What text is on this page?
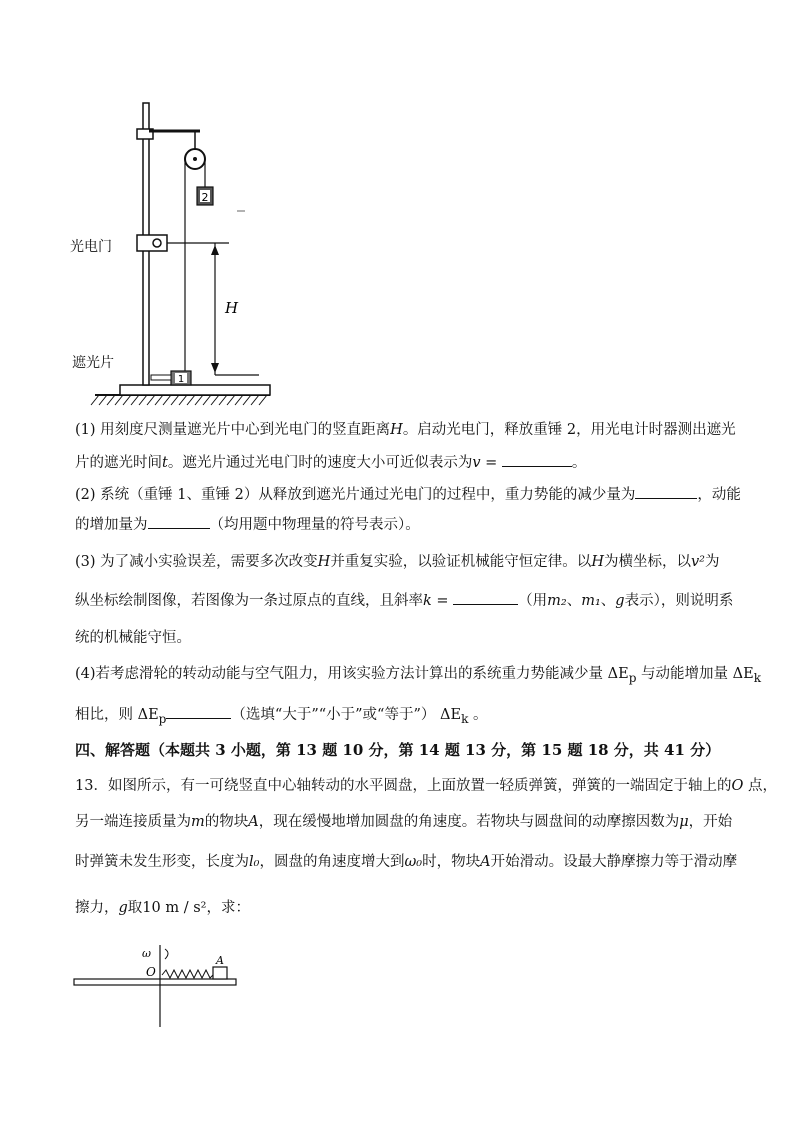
2
H
1
光电门
遮光片
(1) 用刻度尺测量遮光片中心到光电门的竖直距离H。启动光电门，释放重锤 2，用光电计时器测出遮光
片的遮光时间t。遮光片通过光电门时的速度大小可近似表示为v =	。
(2) 系统（重锤 1、重锤 2）从释放到遮光片通过光电门的过程中，重力势能的减少量为	，动能
的增加量为	（均用题中物理量的符号表示）。
(3) 为了减小实验误差，需要多次改变H并重复实验，以验证机械能守恒定律。以H为横坐标，以v²为
纵坐标绘制图像，若图像为一条过原点的直线，且斜率k =	（用m₂、m₁、g表示），则说明系
统的机械能守恒。
(4)若考虑滑轮的转动动能与空气阻力，用该实验方法计算出的系统重力势能减少量 $\Delta E_p$ 与动能增加量 $\Delta E_k$
相比，则 $\Delta E_p$	（选填“大于”“小于”或“等于”） $\Delta E_k$ 。
四、解答题（本题共 3 小题，第 13 题 10 分，第 14 题 13 分，第 15 题 18 分，共 41 分）
13．如图所示，有一可绕竖直中心轴转动的水平圆盘，上面放置一轻质弹簧，弹簧的一端固定于轴上的O 点，
另一端连接质量为m的物块A，现在缓慢地增加圆盘的角速度。若物块与圆盘间的动摩擦因数为μ，开始
时弹簧未发生形变，长度为l₀，圆盘的角速度增大到ω₀时，物块A开始滑动。设最大静摩擦力等于滑动摩
擦力，g取10 m / s²，求：
ω
O
A
